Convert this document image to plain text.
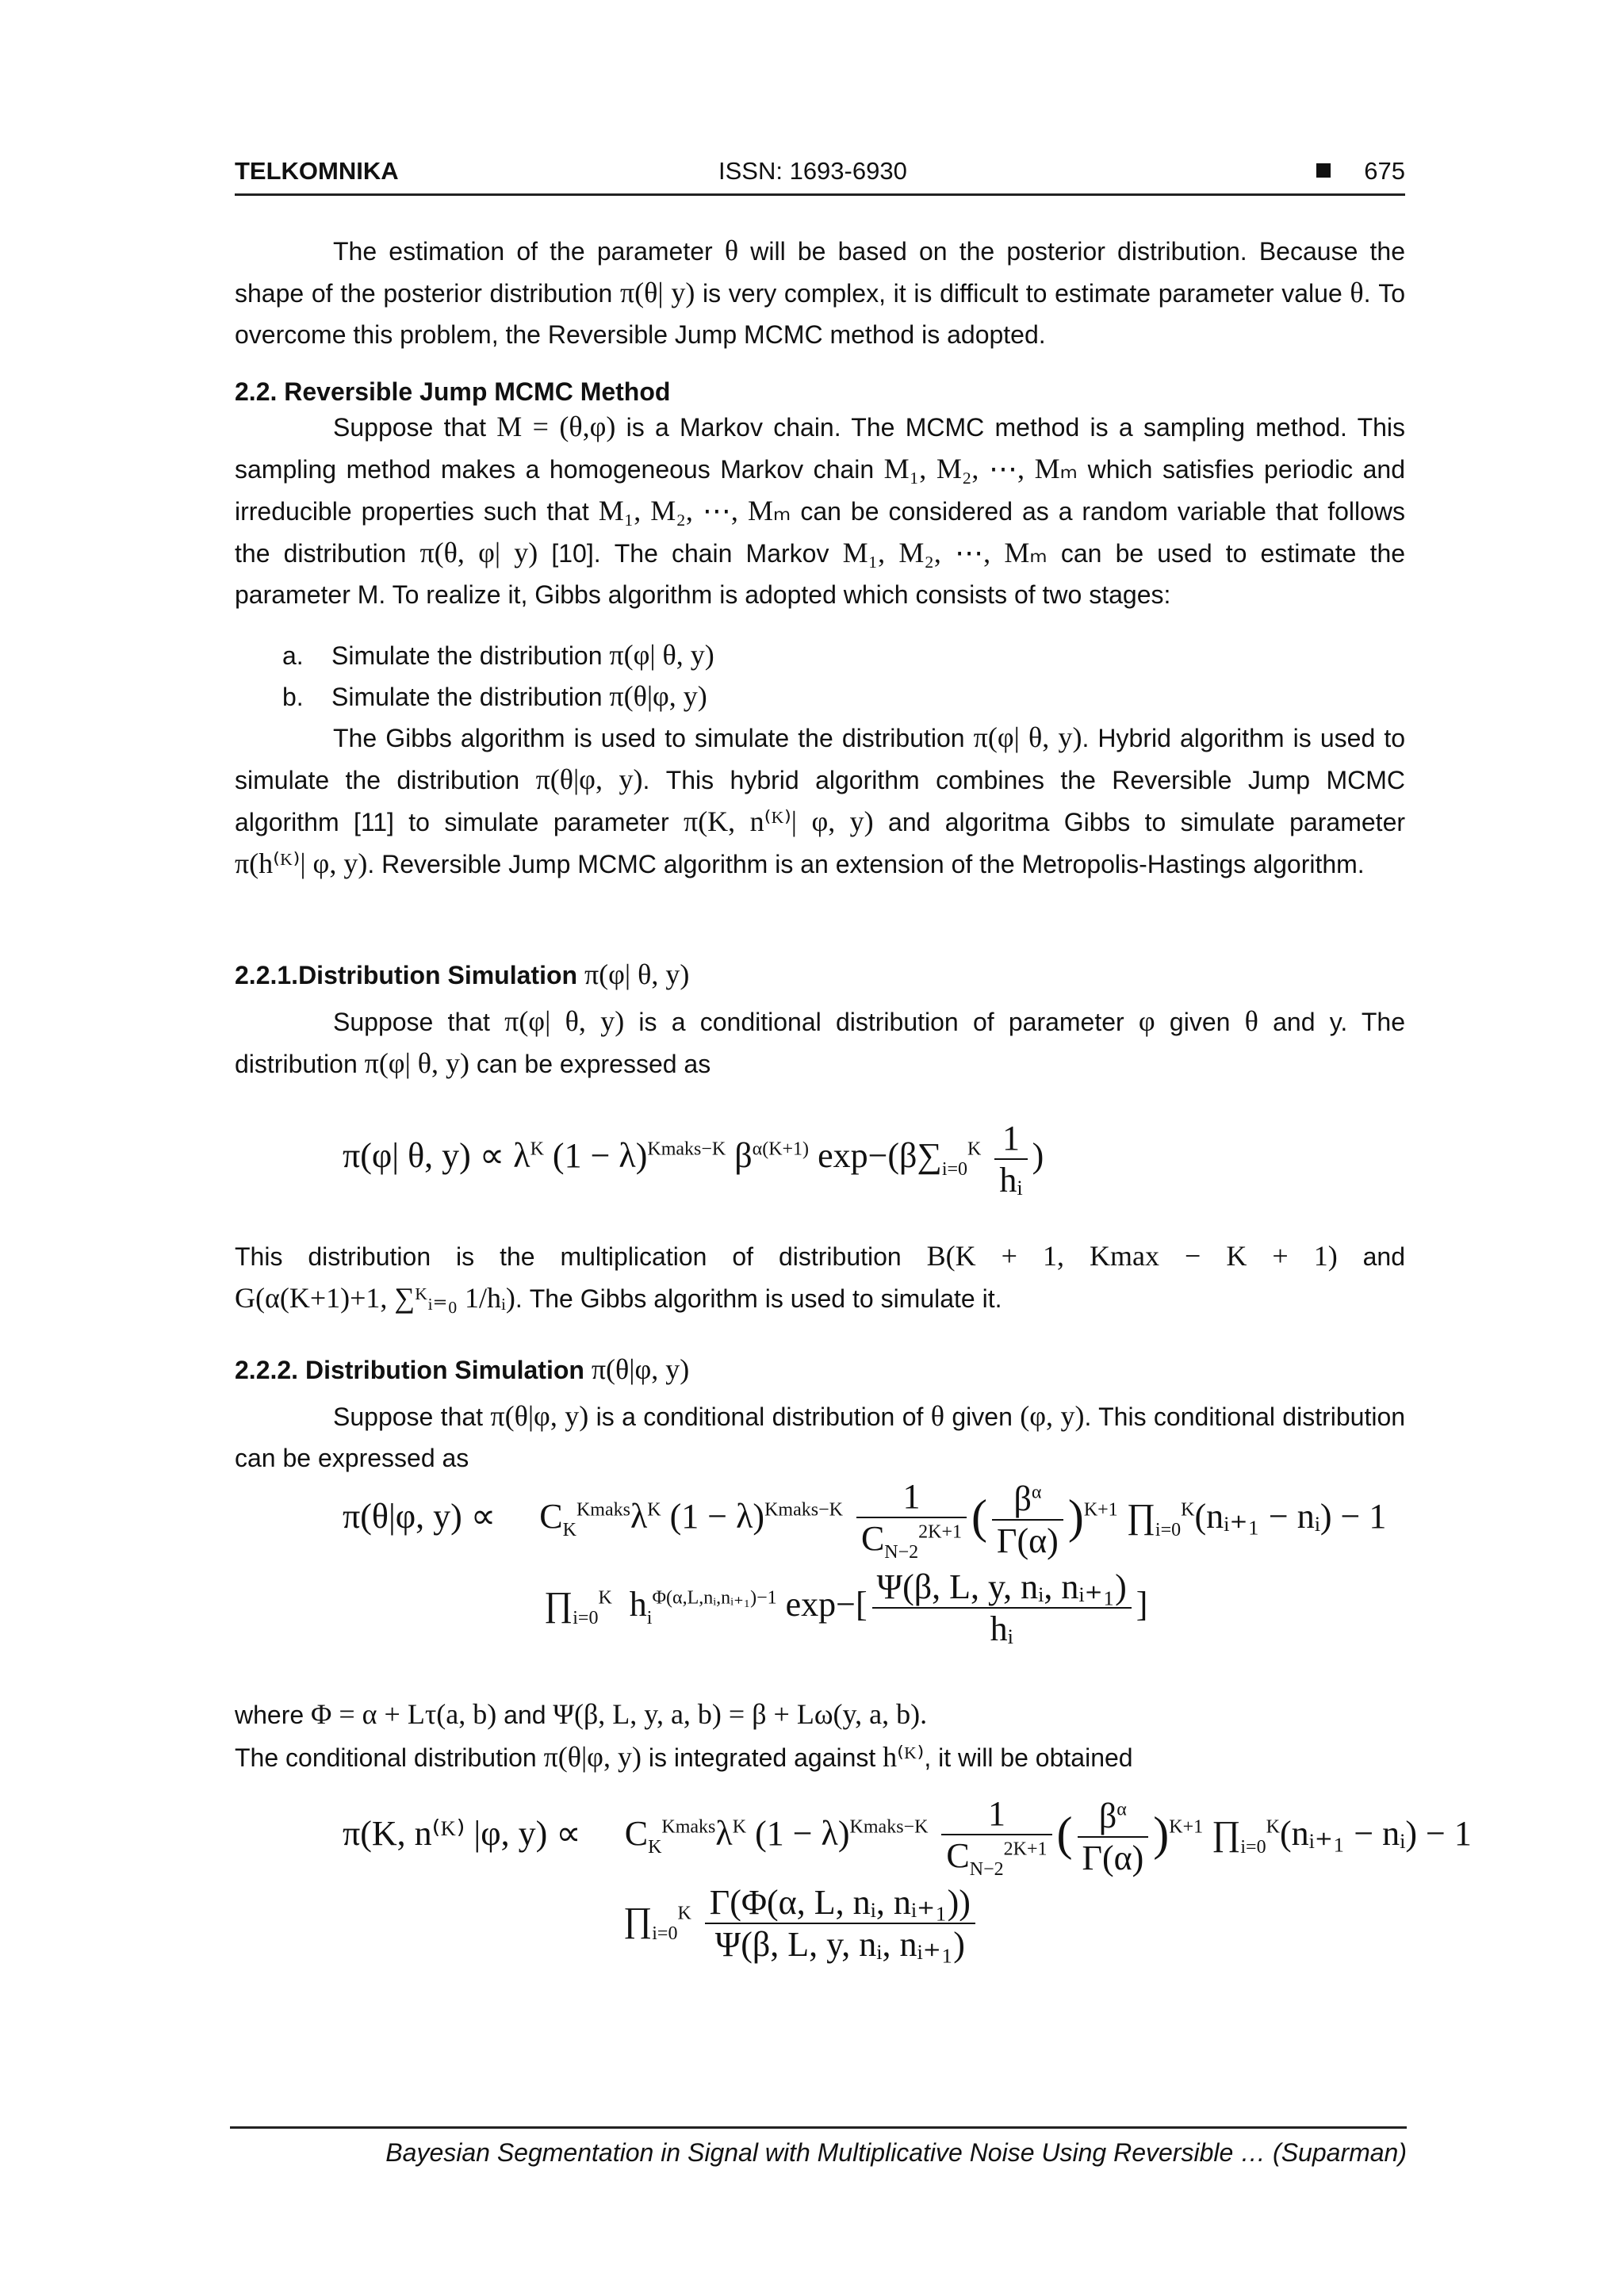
TELKOMNIKA	ISSN: 1693-6930	675

The estimation of the parameter θ will be based on the posterior distribution. Because the shape of the posterior distribution π(θ| y) is very complex, it is difficult to estimate parameter value θ. To overcome this problem, the Reversible Jump MCMC method is adopted.

2.2. Reversible Jump MCMC Method

Suppose that M = (θ,φ) is a Markov chain. The MCMC method is a sampling method. This sampling method makes a homogeneous Markov chain M₁, M₂, ⋯, Mₘ which satisfies periodic and irreducible properties such that M₁, M₂, ⋯, Mₘ can be considered as a random variable that follows the distribution π(θ, φ| y) [10]. The chain Markov M₁, M₂, ⋯, Mₘ can be used to estimate the parameter M. To realize it, Gibbs algorithm is adopted which consists of two stages:

a. Simulate the distribution π(φ| θ, y)
b. Simulate the distribution π(θ|φ, y)

The Gibbs algorithm is used to simulate the distribution π(φ| θ, y). Hybrid algorithm is used to simulate the distribution π(θ|φ, y). This hybrid algorithm combines the Reversible Jump MCMC algorithm [11] to simulate parameter π(K, n⁽ᴷ⁾| φ, y) and algoritma Gibbs to simulate parameter π(h⁽ᴷ⁾| φ, y). Reversible Jump MCMC algorithm is an extension of the Metropolis-Hastings algorithm.

2.2.1.Distribution Simulation π(φ| θ, y)

Suppose that π(φ| θ, y) is a conditional distribution of parameter φ given θ and y. The distribution π(φ| θ, y) can be expressed as

π(φ| θ, $y) \propto \lambda^K$ $(1 - \lambda)^{Kmaks-K}$ $\beta^{\alpha(K+1)}$ $\exp-(\beta\sum_{i=0}^K \frac{1}{\text{hᵢ}}$ )

This distribution is the multiplication of distribution B(K + 1, Kmax − K + 1) and G(α(K+1)+1, ∑ᴷᵢ₌₀ 1/hᵢ). The Gibbs algorithm is used to simulate it.

2.2.2. Distribution Simulation π(θ|φ, y)

Suppose that π(θ|φ, y) is a conditional distribution of θ given (φ, y). This conditional distribution can be expressed as

π(θ|φ, $y) \propto C_K^{Kmaks}\lambda^K$ $(1 - \lambda)^{Kmaks-K} \frac{1}{C_{N-2}^{2K+1}}$ ( $\frac{\beta^\alpha}{\Gamma(\alpha)} )^{K+1}$ $\prod_{i=0}^K(nᵢ_{+1}$ − nᵢ) − 1
$\prod_{i=0}^K$ $h_i^{\Phi(\alpha,L,nᵢ,nᵢ_{+1})-1}$ $\exp-[ \frac{\text{Ψ(β, L, y, nᵢ, nᵢ₊₁)}}{\text{hᵢ}}$ ]

where Φ = α + Lτ(a, b) and Ψ(β, L, y, a, b) = β + Lω(y, a, b).

The conditional distribution π(θ|φ, y) is integrated against h⁽ᴷ⁾, it will be obtained

π(K, n⁽ᴷ⁾ |φ, $y) \propto C_K^{Kmaks}\lambda^K$ $(1 - \lambda)^{Kmaks-K} \frac{1}{C_{N-2}^{2K+1}}$ ( $\frac{\beta^\alpha}{\Gamma(\alpha)} )^{K+1}$ $\prod_{i=0}^K(nᵢ_{+1}$ − nᵢ) − 1
$\prod_{i=0}^K \frac{\text{Γ(Φ(α, L, nᵢ, nᵢ₊₁))}}{\text{Ψ(β, L, y, nᵢ, nᵢ₊₁)}}$
Bayesian Segmentation in Signal with Multiplicative Noise Using Reversible … (Suparman)
